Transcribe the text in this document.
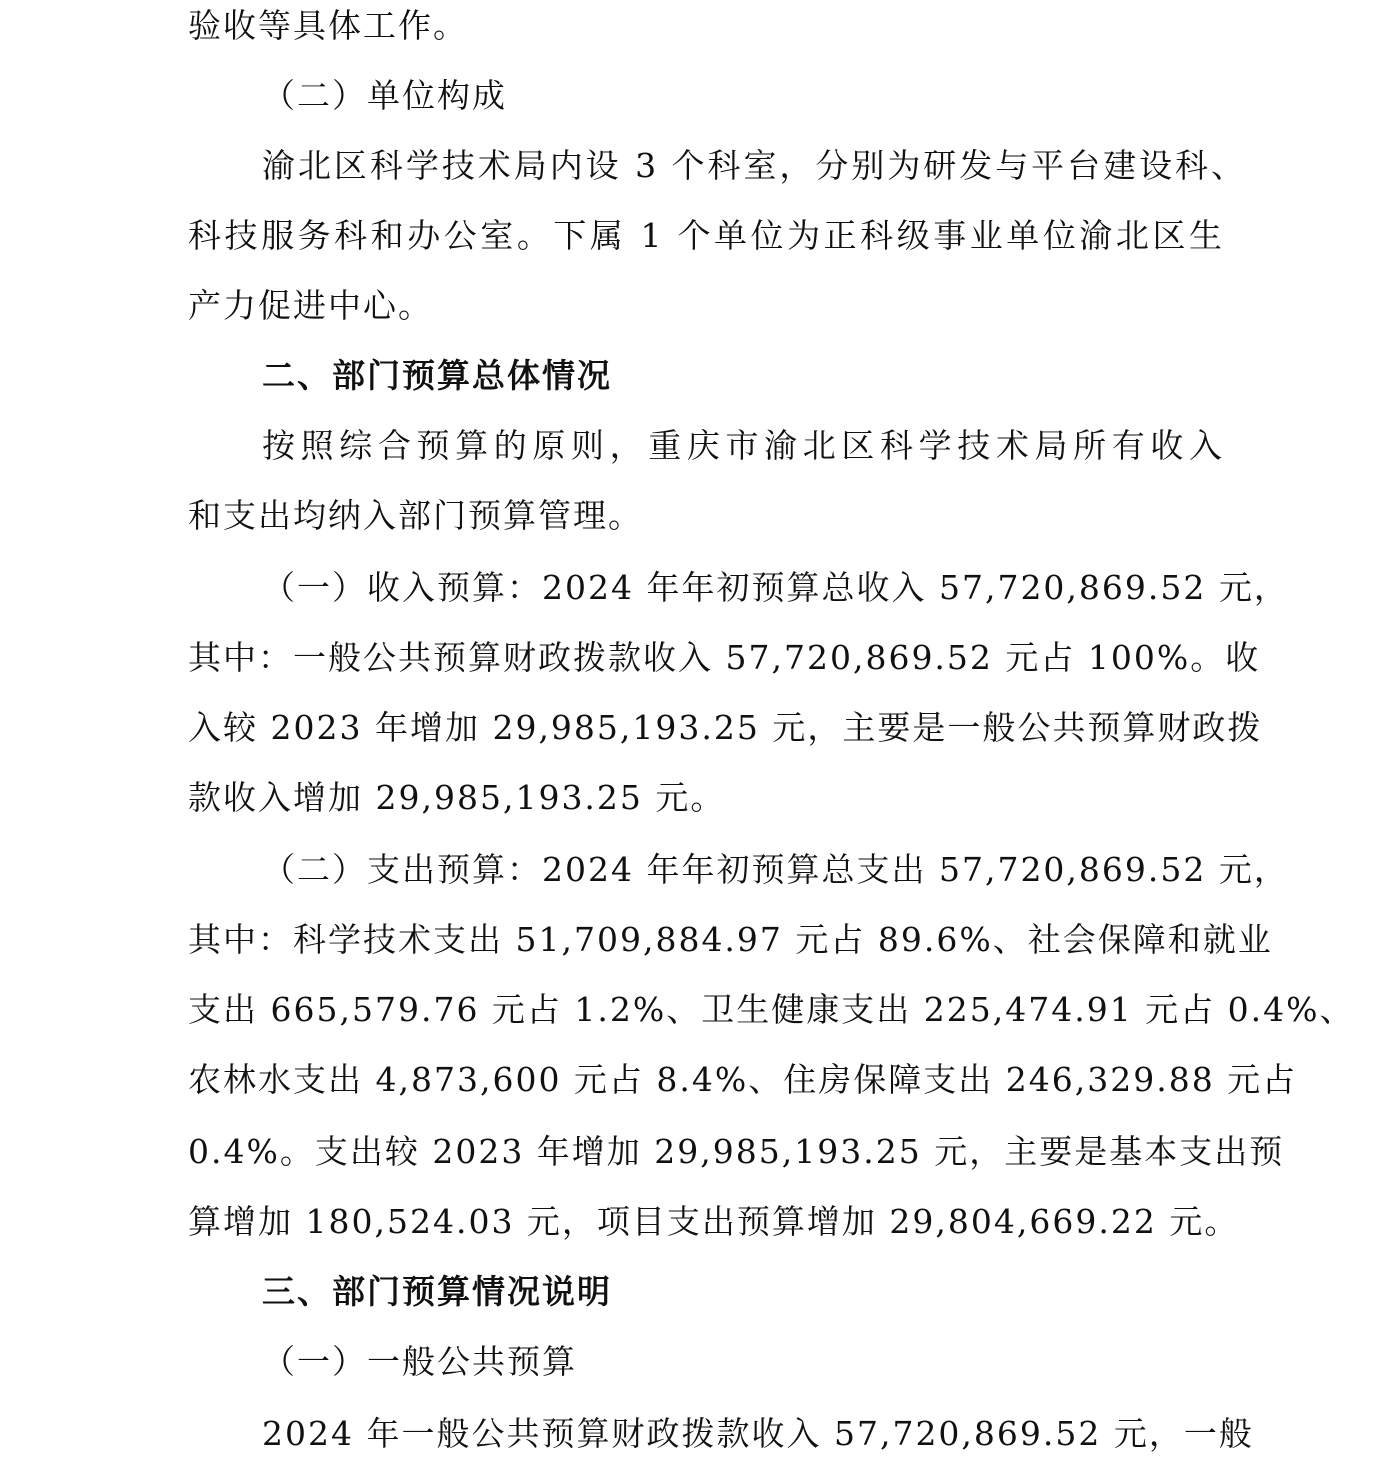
验收等具体工作。
（二）单位构成
渝北区科学技术局内设 3 个科室，分别为研发与平台建设科、
科技服务科和办公室。下属 1 个单位为正科级事业单位渝北区生
产力促进中心。
二、部门预算总体情况
按照综合预算的原则，重庆市渝北区科学技术局所有收入
和支出均纳入部门预算管理。
（一）收入预算：2024 年年初预算总收入 57,720,869.52 元，
其中：一般公共预算财政拨款收入 57,720,869.52 元占 100%。收
入较 2023 年增加 29,985,193.25 元，主要是一般公共预算财政拨
款收入增加 29,985,193.25 元。
（二）支出预算：2024 年年初预算总支出 57,720,869.52 元，
其中：科学技术支出 51,709,884.97 元占 89.6%、社会保障和就业
支出 665,579.76 元占 1.2%、卫生健康支出 225,474.91 元占 0.4%、
农林水支出 4,873,600 元占 8.4%、住房保障支出 246,329.88 元占
0.4%。支出较 2023 年增加 29,985,193.25 元，主要是基本支出预
算增加 180,524.03 元，项目支出预算增加 29,804,669.22 元。
三、部门预算情况说明
（一）一般公共预算
2024 年一般公共预算财政拨款收入 57,720,869.52 元，一般
